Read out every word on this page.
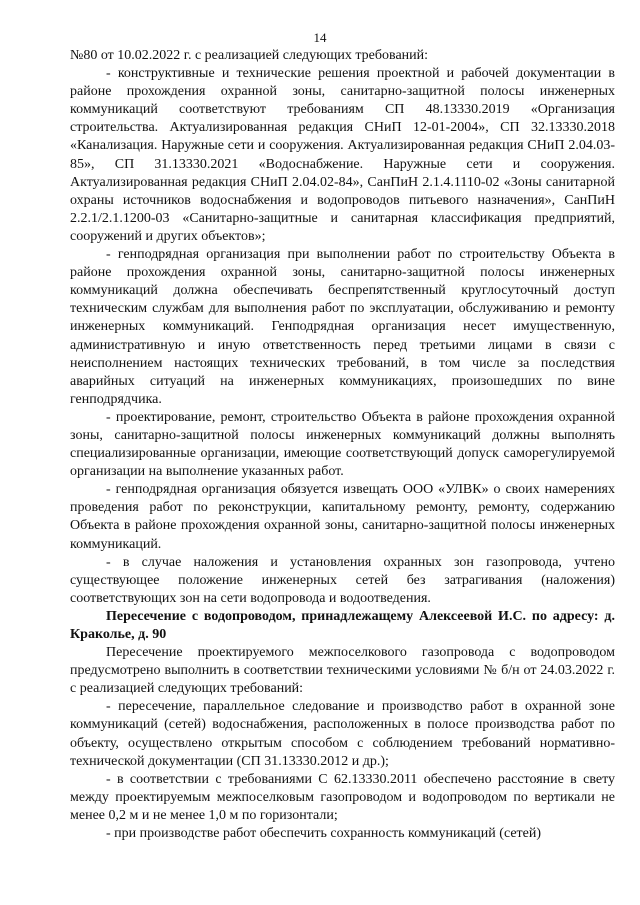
14

№80 от 10.02.2022 г. с реализацией следующих требований:

- конструктивные и технические решения проектной и рабочей документации в районе прохождения охранной зоны, санитарно-защитной полосы инженерных коммуникаций соответствуют требованиям СП 48.13330.2019 «Организация строительства. Актуализированная редакция СНиП 12-01-2004», СП 32.13330.2018 «Канализация. Наружные сети и сооружения. Актуализированная редакция СНиП 2.04.03-85», СП 31.13330.2021 «Водоснабжение. Наружные сети и сооружения. Актуализированная редакция СНиП 2.04.02-84», СанПиН 2.1.4.1110-02 «Зоны санитарной охраны источников водоснабжения и водопроводов питьевого назначения», СанПиН 2.2.1/2.1.1200-03 «Санитарно-защитные и санитарная классификация предприятий, сооружений и других объектов»;

- генподрядная организация при выполнении работ по строительству Объекта в районе прохождения охранной зоны, санитарно-защитной полосы инженерных коммуникаций должна обеспечивать беспрепятственный круглосуточный доступ техническим службам для выполнения работ по эксплуатации, обслуживанию и ремонту инженерных коммуникаций. Генподрядная организация несет имущественную, административную и иную ответственность перед третьими лицами в связи с неисполнением настоящих технических требований, в том числе за последствия аварийных ситуаций на инженерных коммуникациях, произошедших по вине генподрядчика.

- проектирование, ремонт, строительство Объекта в районе прохождения охранной зоны, санитарно-защитной полосы инженерных коммуникаций должны выполнять специализированные организации, имеющие соответствующий допуск саморегулируемой организации на выполнение указанных работ.

- генподрядная организация обязуется извещать ООО «УЛВК» о своих намерениях проведения работ по реконструкции, капитальному ремонту, ремонту, содержанию Объекта в районе прохождения охранной зоны, санитарно-защитной полосы инженерных коммуникаций.

- в случае наложения и установления охранных зон газопровода, учтено существующее положение инженерных сетей без затрагивания (наложения) соответствующих зон на сети водопровода и водоотведения.

Пересечение с водопроводом, принадлежащему Алексеевой И.С. по адресу: д. Кракольe, д. 90

Пересечение проектируемого межпоселкового газопровода с водопроводом предусмотрено выполнить в соответствии техническими условиями № б/н от 24.03.2022 г. с реализацией следующих требований:

- пересечение, параллельное следование и производство работ в охранной зоне коммуникаций (сетей) водоснабжения, расположенных в полосе производства работ по объекту, осуществлено открытым способом с соблюдением требований нормативно-технической документации (СП 31.13330.2012 и др.);

- в соответствии с требованиями С 62.13330.2011 обеспечено расстояние в свету между проектируемым межпоселковым газопроводом и водопроводом по вертикали не менее 0,2 м и не менее 1,0 м по горизонтали;

- при производстве работ обеспечить сохранность коммуникаций (сетей)
